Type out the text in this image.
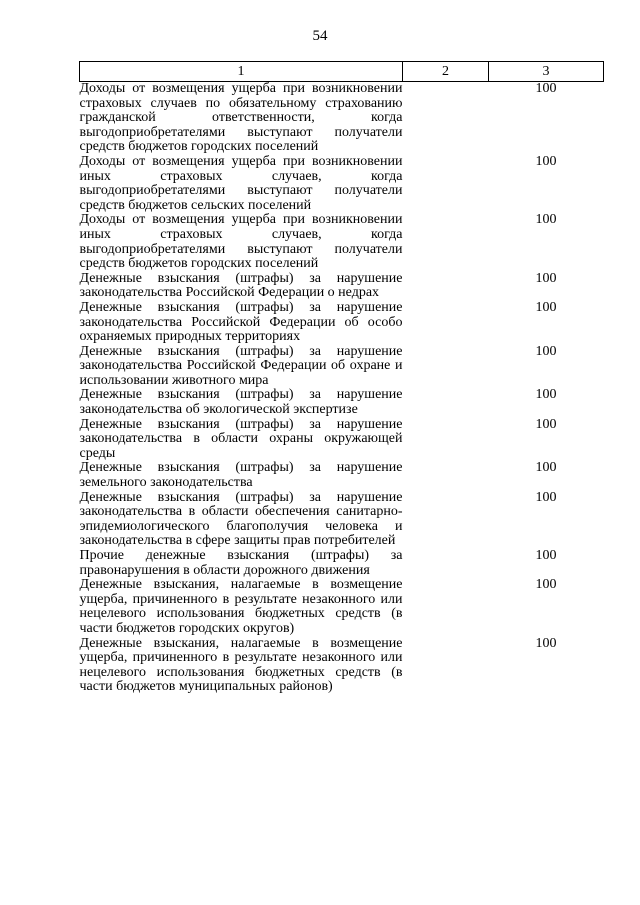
54
1	2	3
Доходы от возмещения ущерба при возникновении страховых случаев по обязательному страхованию гражданской ответственности, когда выгодоприобретателями выступают получатели средств бюджетов городских поселений		100
Доходы от возмещения ущерба при возникновении иных страховых случаев, когда выгодоприобретателями выступают получатели средств бюджетов сельских поселений		100
Доходы от возмещения ущерба при возникновении иных страховых случаев, когда выгодоприобретателями выступают получатели средств бюджетов городских поселений		100
Денежные взыскания (штрафы) за нарушение законодательства Российской Федерации о недрах		100
Денежные взыскания (штрафы) за нарушение законодательства Российской Федерации об особо охраняемых природных территориях		100
Денежные взыскания (штрафы) за нарушение законодательства Российской Федерации об охране и использовании животного мира		100
Денежные взыскания (штрафы) за нарушение законодательства об экологической экспертизе		100
Денежные взыскания (штрафы) за нарушение законодательства в области охраны окружающей среды		100
Денежные взыскания (штрафы) за нарушение земельного законодательства		100
Денежные взыскания (штрафы) за нарушение законодательства в области обеспечения санитарно-эпидемиологического благополучия человека и законодательства в сфере защиты прав потребителей		100
Прочие денежные взыскания (штрафы) за правонарушения в области дорожного движения		100
Денежные взыскания, налагаемые в возмещение ущерба, причиненного в результате незаконного или нецелевого использования бюджетных средств (в части бюджетов городских округов)		100
Денежные взыскания, налагаемые в возмещение ущерба, причиненного в результате незаконного или нецелевого использования бюджетных средств (в части бюджетов муниципальных районов)		100
